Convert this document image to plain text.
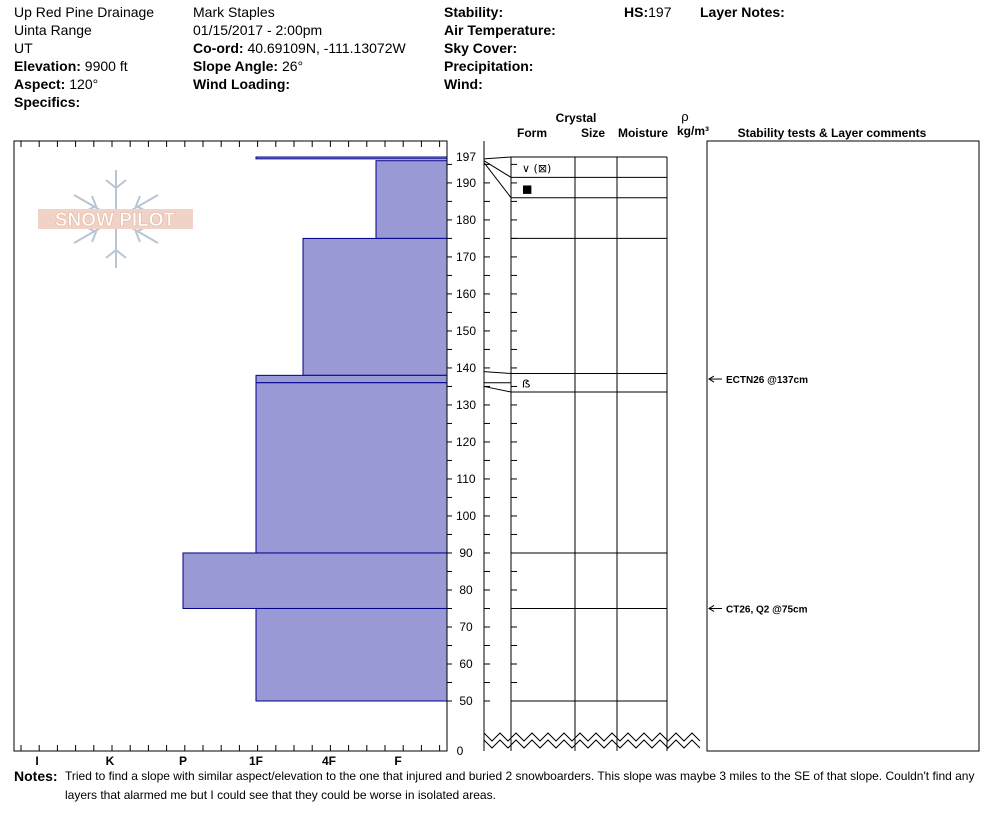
Up Red Pine Drainage
Uinta Range
UT
Elevation: 9900 ft
Aspect: 120°
Specifics:
Mark Staples
01/15/2017 - 2:00pm
Co-ord: 40.69109N, -111.13072W
Slope Angle: 26°
Wind Loading:
Stability:
Air Temperature:
Sky Cover:
Precipitation:
Wind:
HS:197 Layer Notes:
Crystal
Form	Size Moisture
ρ
kg/m³ Stability tests & Layer comments
SNOW PILOT
I	K	P	1F	4F	F
50
60
70
80
90
100
110
120
130
140
150
160
170
180
190
197
0
∨ (⊠)
■
ẞ	ECTN26 @137cm
CT26, Q2 @75cm
Notes: Tried to find a slope with similar aspect/elevation to the one that injured and buried 2 snowboarders. This slope was maybe 3 miles to the SE of that slope. Couldn't find any layers that alarmed me but I could see that they could be worse in isolated areas.
